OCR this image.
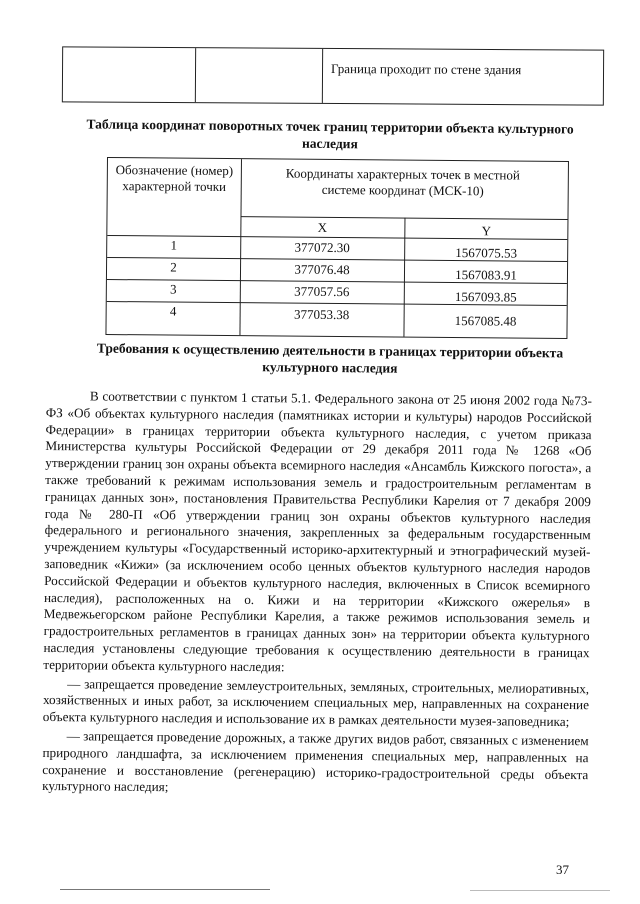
Граница проходит по стене здания
Таблица координат поворотных точек границ территории объекта культурного наследия
Обозначение (номер) характерной точки
Координаты характерных точек в местной системе координат (МСК-10)
X	Y
1	377072.30	1567075.53
2	377076.48	1567083.91
3	377057.56	1567093.85
4	377053.38	1567085.48
Требования к осуществлению деятельности в границах территории объекта культурного наследия

В соответствии с пунктом 1 статьи 5.1. Федерального закона от 25 июня 2002 года №73-ФЗ «Об объектах культурного наследия (памятниках истории и культуры) народов Российской Федерации» в границах территории объекта культурного наследия, с учетом приказа Министерства культуры Российской Федерации от 29 декабря 2011 года № 1268 «Об утверждении границ зон охраны объекта всемирного наследия «Ансамбль Кижского погоста», а также требований к режимам использования земель и градостроительным регламентам в границах данных зон», постановления Правительства Республики Карелия от 7 декабря 2009 года № 280-П «Об утверждении границ зон охраны объектов культурного наследия федерального и регионального значения, закрепленных за федеральным государственным учреждением культуры «Государственный историко-архитектурный и этнографический музей-заповедник «Кижи» (за исключением особо ценных объектов культурного наследия народов Российской Федерации и объектов культурного наследия, включенных в Список всемирного наследия), расположенных на о. Кижи и на территории «Кижского ожерелья» в Медвежьегорском районе Республики Карелия, а также режимов использования земель и градостроительных регламентов в границах данных зон» на территории объекта культурного наследия установлены следующие требования к осуществлению деятельности в границах территории объекта культурного наследия:

— запрещается проведение землеустроительных, земляных, строительных, мелиоративных, хозяйственных и иных работ, за исключением специальных мер, направленных на сохранение объекта культурного наследия и использование их в рамках деятельности музея-заповедника;

— запрещается проведение дорожных, а также других видов работ, связанных с изменением природного ландшафта, за исключением применения специальных мер, направленных на сохранение и восстановление (регенерацию) историко-градостроительной среды объекта культурного наследия;

37
